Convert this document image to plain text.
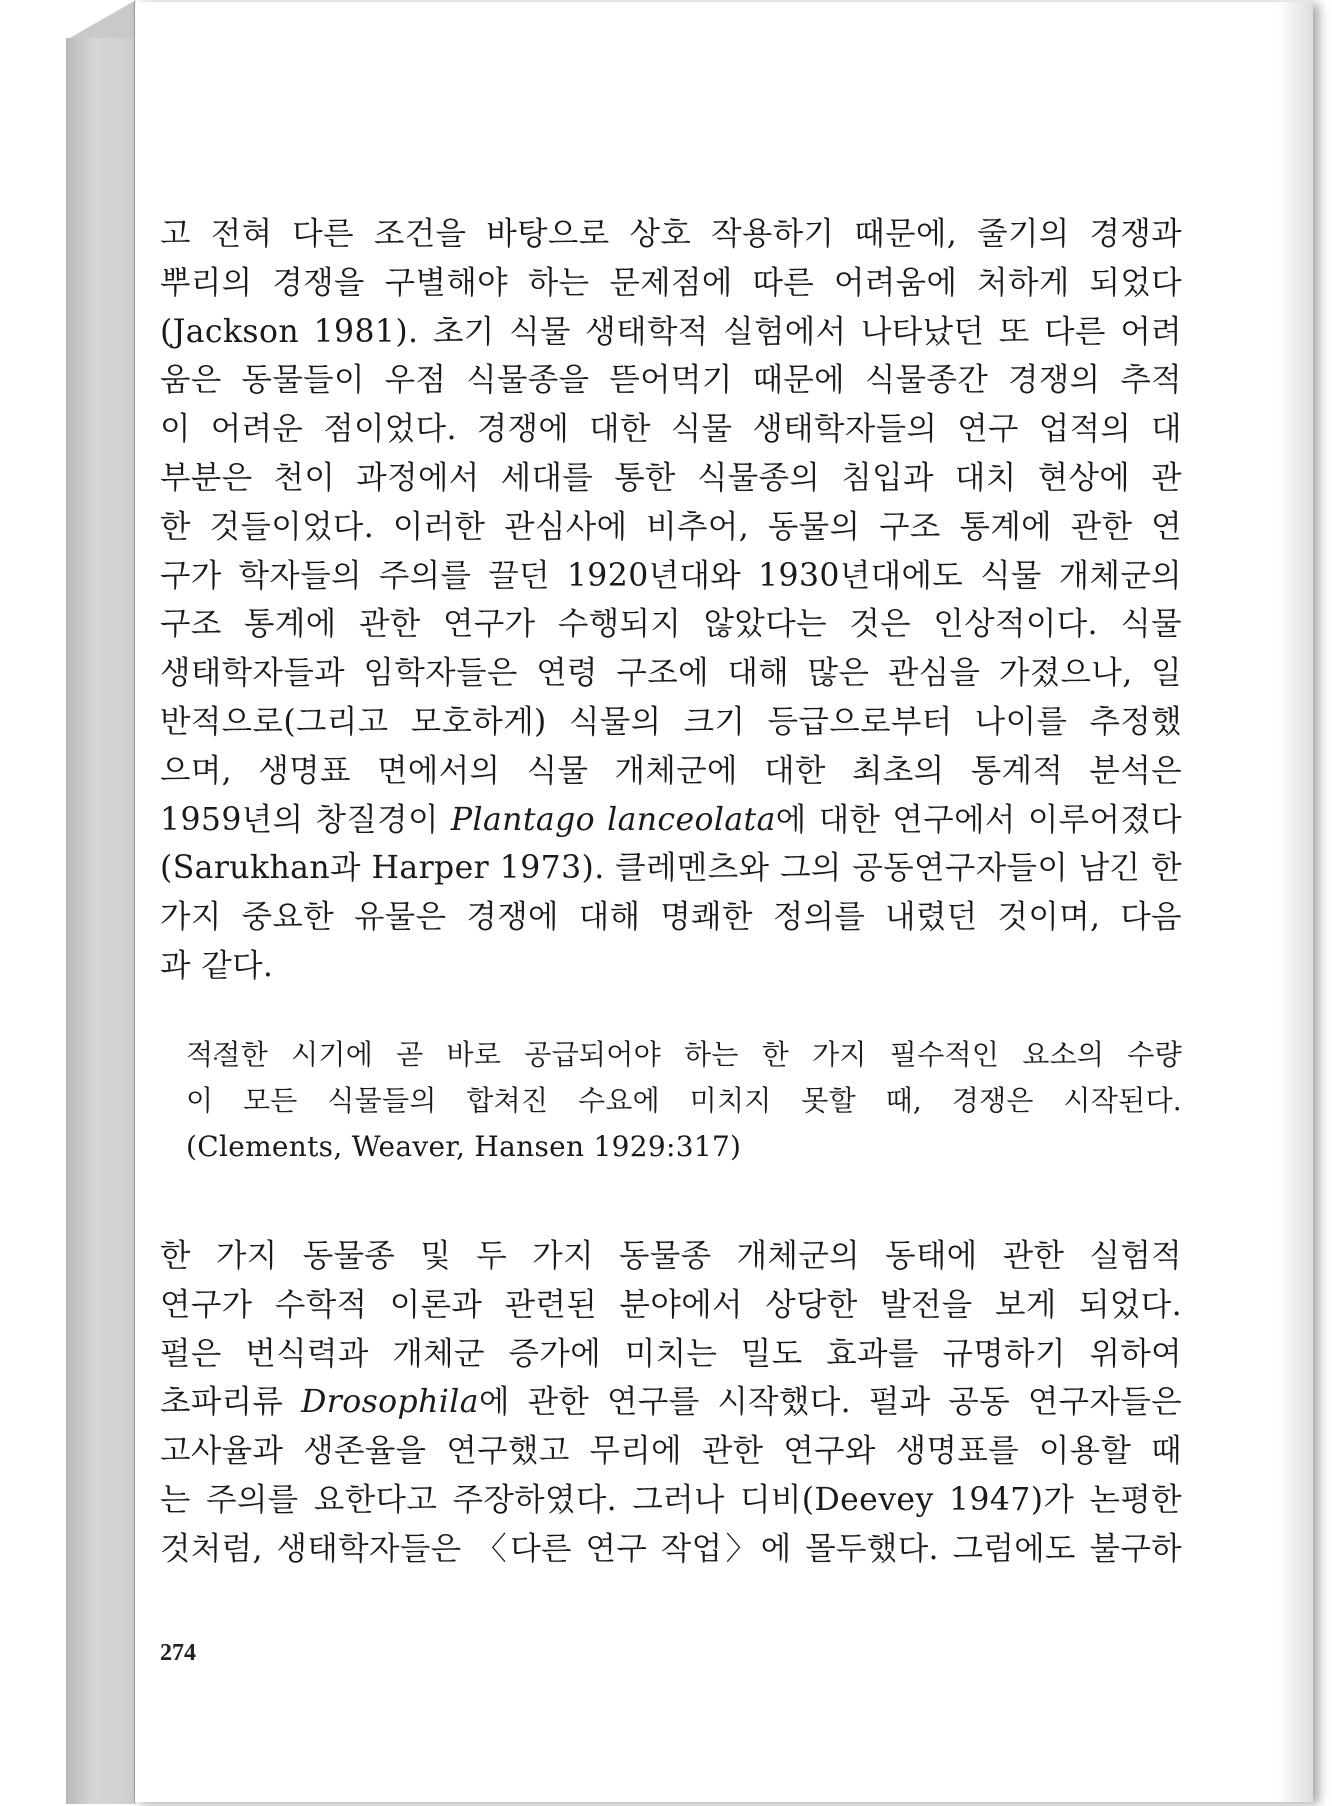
고 전혀 다른 조건을 바탕으로 상호 작용하기 때문에, 줄기의 경쟁과
뿌리의 경쟁을 구별해야 하는 문제점에 따른 어려움에 처하게 되었다
(Jackson 1981). 초기 식물 생태학적 실험에서 나타났던 또 다른 어려
움은 동물들이 우점 식물종을 뜯어먹기 때문에 식물종간 경쟁의 추적
이 어려운 점이었다. 경쟁에 대한 식물 생태학자들의 연구 업적의 대
부분은 천이 과정에서 세대를 통한 식물종의 침입과 대치 현상에 관
한 것들이었다. 이러한 관심사에 비추어, 동물의 구조 통계에 관한 연
구가 학자들의 주의를 끌던 1920년대와 1930년대에도 식물 개체군의
구조 통계에 관한 연구가 수행되지 않았다는 것은 인상적이다. 식물
생태학자들과 임학자들은 연령 구조에 대해 많은 관심을 가졌으나, 일
반적으로(그리고 모호하게) 식물의 크기 등급으로부터 나이를 추정했
으며, 생명표 면에서의 식물 개체군에 대한 최초의 통계적 분석은
1959년의 창질경이 Plantago lanceolata에 대한 연구에서 이루어졌다
(Sarukhan과 Harper 1973). 클레멘츠와 그의 공동연구자들이 남긴 한
가지 중요한 유물은 경쟁에 대해 명쾌한 정의를 내렸던 것이며, 다음
과 같다.
적절한 시기에 곧 바로 공급되어야 하는 한 가지 필수적인 요소의 수량
이 모든 식물들의 합쳐진 수요에 미치지 못할 때, 경쟁은 시작된다.
(Clements, Weaver, Hansen 1929:317)
한 가지 동물종 및 두 가지 동물종 개체군의 동태에 관한 실험적
연구가 수학적 이론과 관련된 분야에서 상당한 발전을 보게 되었다.
펄은 번식력과 개체군 증가에 미치는 밀도 효과를 규명하기 위하여
초파리류 Drosophila에 관한 연구를 시작했다. 펄과 공동 연구자들은
고사율과 생존율을 연구했고 무리에 관한 연구와 생명표를 이용할 때
는 주의를 요한다고 주장하였다. 그러나 디비(Deevey 1947)가 논평한
것처럼, 생태학자들은 〈다른 연구 작업〉에 몰두했다. 그럼에도 불구하
274
